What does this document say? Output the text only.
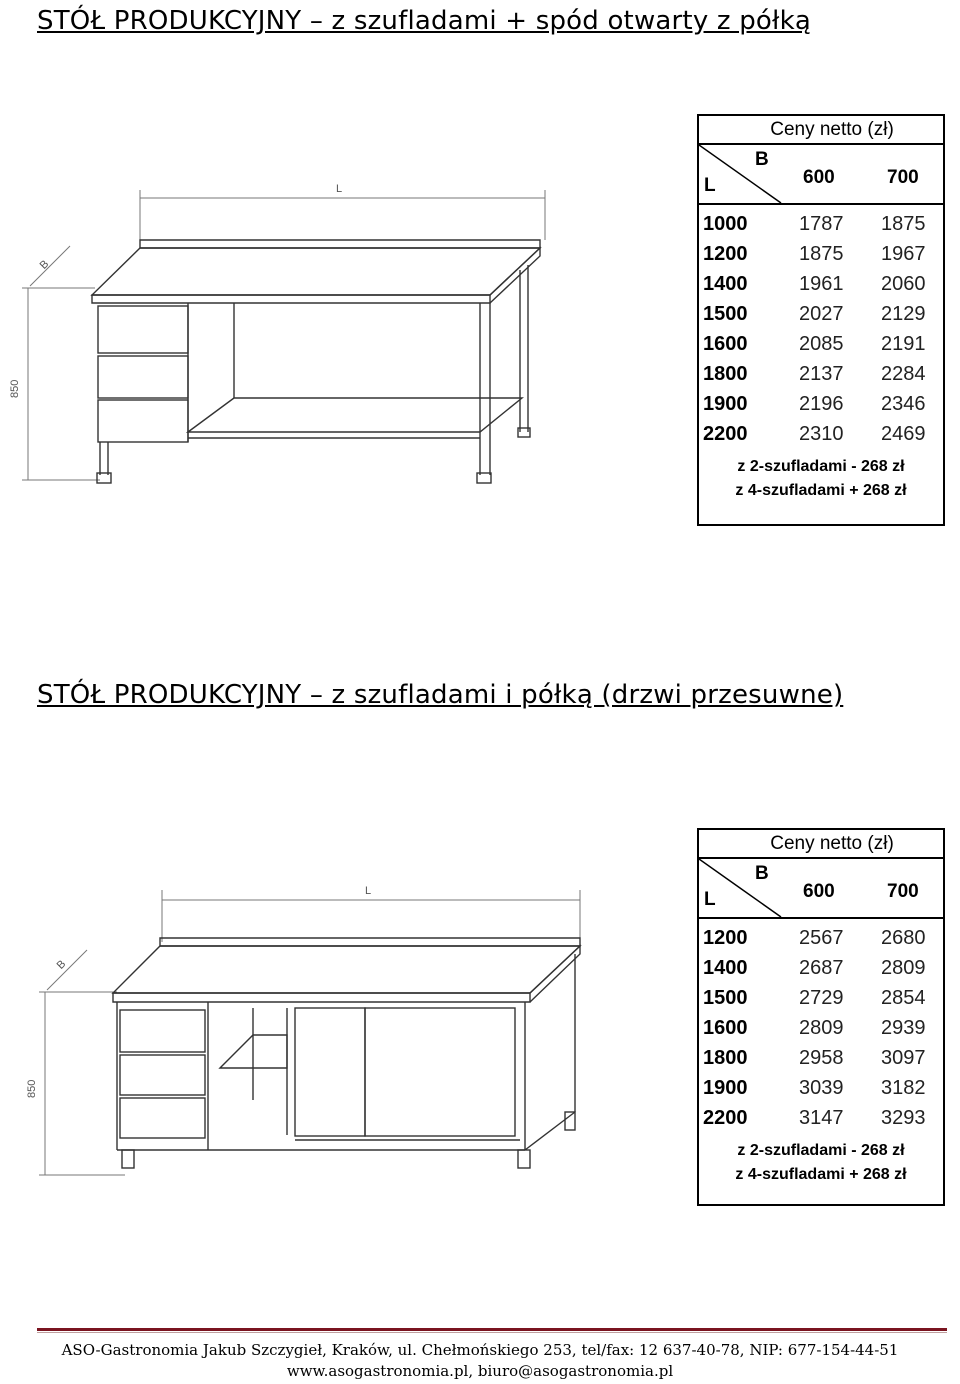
STÓŁ PRODUKCYJNY – z szufladami + spód otwarty z półką
L
B
850
Ceny netto (zł)
B
L	600	700
1000	1787 1875
1200	1875 1967
1400	1961 2060
1500	2027 2129
1600	2085 2191
1800	2137 2284
1900	2196 2346
2200	2310 2469
z 2-szufladami - 268 zł
z 4-szufladami + 268 zł
STÓŁ PRODUKCYJNY – z szufladami i półką (drzwi przesuwne)
L
B
850
Ceny netto (zł)
B
L	600	700
1200	2567 2680
1400	2687 2809
1500	2729 2854
1600	2809 2939
1800	2958 3097
1900	3039 3182
2200	3147 3293
z 2-szufladami - 268 zł
z 4-szufladami + 268 zł
ASO-Gastronomia Jakub Szczygieł, Kraków, ul. Chełmońskiego 253, tel/fax: 12 637-40-78, NIP: 677-154-44-51
www.asogastronomia.pl, biuro@asogastronomia.pl
